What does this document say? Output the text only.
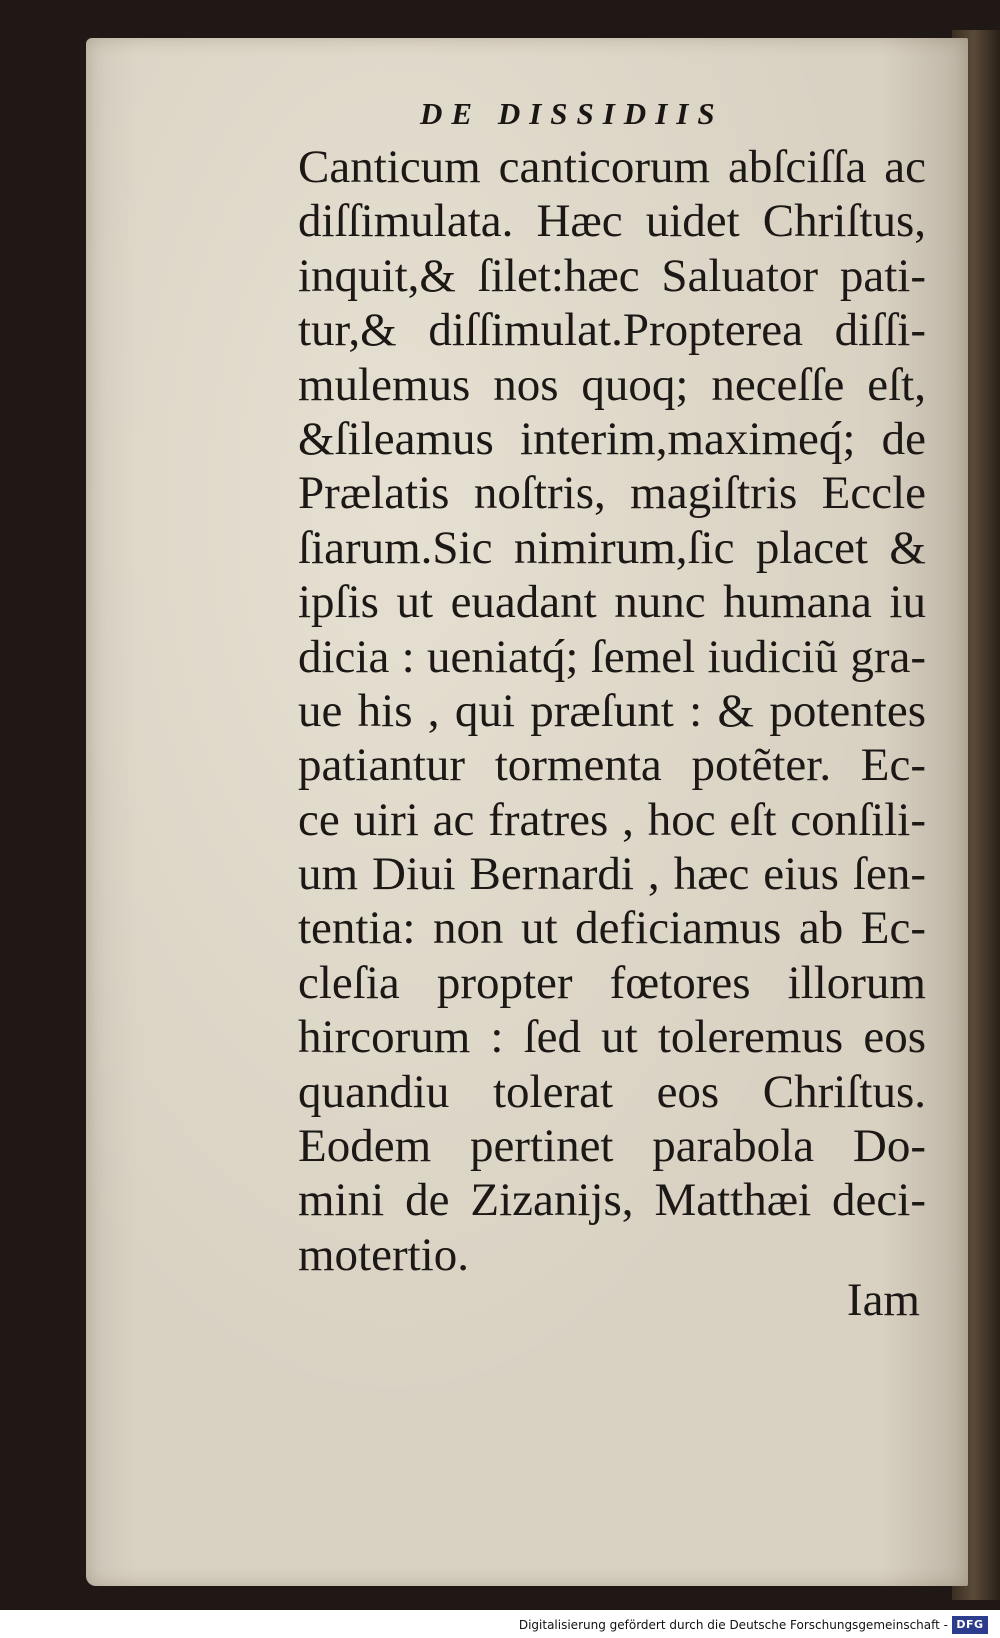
DE DISSIDIIS
Canticum canticorum abſciſſa ac
diſſimulata. Hæc uidet Chriſtus,
inquit,& ſilet:hæc Saluator pati-
tur,& diſſimulat.Propterea diſſi-
mulemus nos quoq; neceſſe eſt,
&ſileamus interim,maximeq́; de
Prælatis noſtris, magiſtris Eccle
ſiarum.Sic nimirum,ſic placet &
ipſis ut euadant nunc humana iu
dicia : ueniatq́; ſemel iudiciũ gra-
ue his , qui præſunt : & potentes
patiantur tormenta potẽter. Ec-
ce uiri ac fratres , hoc eſt conſili-
um Diui Bernardi , hæc eius ſen-
tentia: non ut deficiamus ab Ec-
cleſia propter fœtores illorum
hircorum : ſed ut toleremus eos
quandiu tolerat eos Chriſtus.
Eodem pertinet parabola Do-
mini de Zizanijs, Matthæi deci-
motertio.

Iam

Digitalisierung gefördert durch die Deutsche Forschungsgemeinschaft - DFG
